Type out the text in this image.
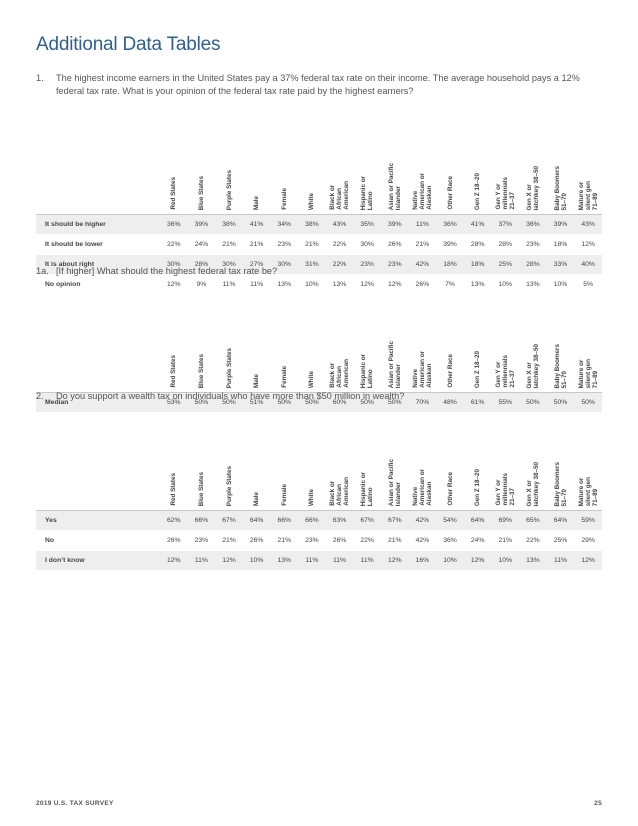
Additional Data Tables
1. The highest income earners in the United States pay a 37% federal tax rate on their income. The average household pays a 12% federal tax rate. What is your opinion of the federal tax rate paid by the highest earners?

	Red States	Blue States	Purple States	Male	Female	White	Black or
African
American	Hispanic or
Latino	Asian or Pacific
Islander	Native
American or
Alaskan	Other Race	Gen Z 18–20	Gen Y or
millennials
21–37	Gen X or
latchkey 38–50	Baby Boomers
51–70	Mature or
silent gen
71–89

It should be higher	36%	39%	38%	41%	34%	38%	43%	35%	39%	11%	36%	41%	37%	36%	39%	43%
It should be lower	22%	24%	21%	21%	23%	21%	22%	30%	26%	21%	39%	28%	28%	23%	18%	12%
It is about right	30%	28%	30%	27%	30%	31%	22%	23%	23%	42%	18%	18%	25%	28%	33%	40%
No opinion	12%	9%	11%	11%	13%	10%	13%	12%	12%	26%	7%	13%	10%	13%	10%	5%
1a. [If higher] What should the highest federal tax rate be?

	Red States	Blue States	Purple States	Male	Female	White	Black or
African
American	Hispanic or
Latino	Asian or Pacific
Islander	Native
American or
Alaskan	Other Race	Gen Z 18–20	Gen Y or
millennials
21–37	Gen X or
latchkey 38–50	Baby Boomers
51–70	Mature or
silent gen
71–89

Median	53%	50%	50%	51%	50%	50%	60%	50%	50%	70%	48%	61%	55%	50%	50%	50%
2. Do you support a wealth tax on individuals who have more than $50 million in wealth?

	Red States	Blue States	Purple States	Male	Female	White	Black or
African
American	Hispanic or
Latino	Asian or Pacific
Islander	Native
American or
Alaskan	Other Race	Gen Z 18–20	Gen Y or
millennials
21–37	Gen X or
latchkey 38–50	Baby Boomers
51–70	Mature or
silent gen
71–89

Yes	62%	66%	67%	64%	66%	66%	63%	67%	67%	42%	54%	64%	69%	65%	64%	59%
No	26%	23%	21%	26%	21%	23%	26%	22%	21%	42%	36%	24%	21%	22%	25%	29%
I don’t know	12%	11%	12%	10%	13%	11%	11%	11%	12%	16%	10%	12%	10%	13%	11%	12%
2019 U.S. TAX SURVEY	25
